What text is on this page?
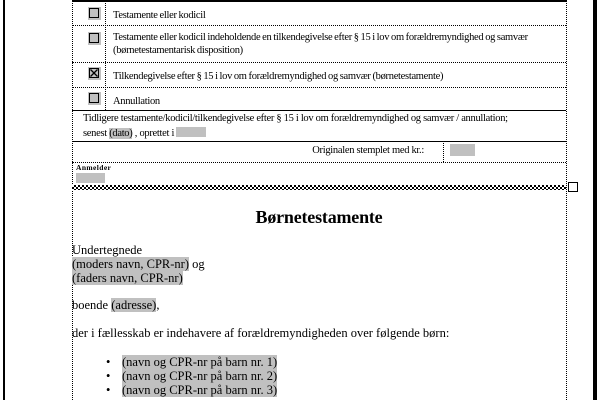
Testamente eller kodicil
Testamente eller kodicil indeholdende en tilkendegivelse efter § 15 i lov om forældremyndighed og samvær (børnetestamentarisk disposition)
Tilkendegivelse efter § 15 i lov om forældremyndighed og samvær (børnetestamente)
Annullation
Tidligere testamente/kodicil/tilkendegivelse efter § 15 i lov om forældremyndighed og samvær / annullation;
senest (dato) , oprettet i
Originalen stemplet med kr.:
Anmelder
Børnetestamente
Undertegnede
(moders navn, CPR-nr) og
(faders navn, CPR-nr)
boende (adresse),
der i fællesskab er indehavere af forældremyndigheden over følgende børn:
• (navn og CPR-nr på barn nr. 1)
• (navn og CPR-nr på barn nr. 2)
• (navn og CPR-nr på barn nr. 3)
